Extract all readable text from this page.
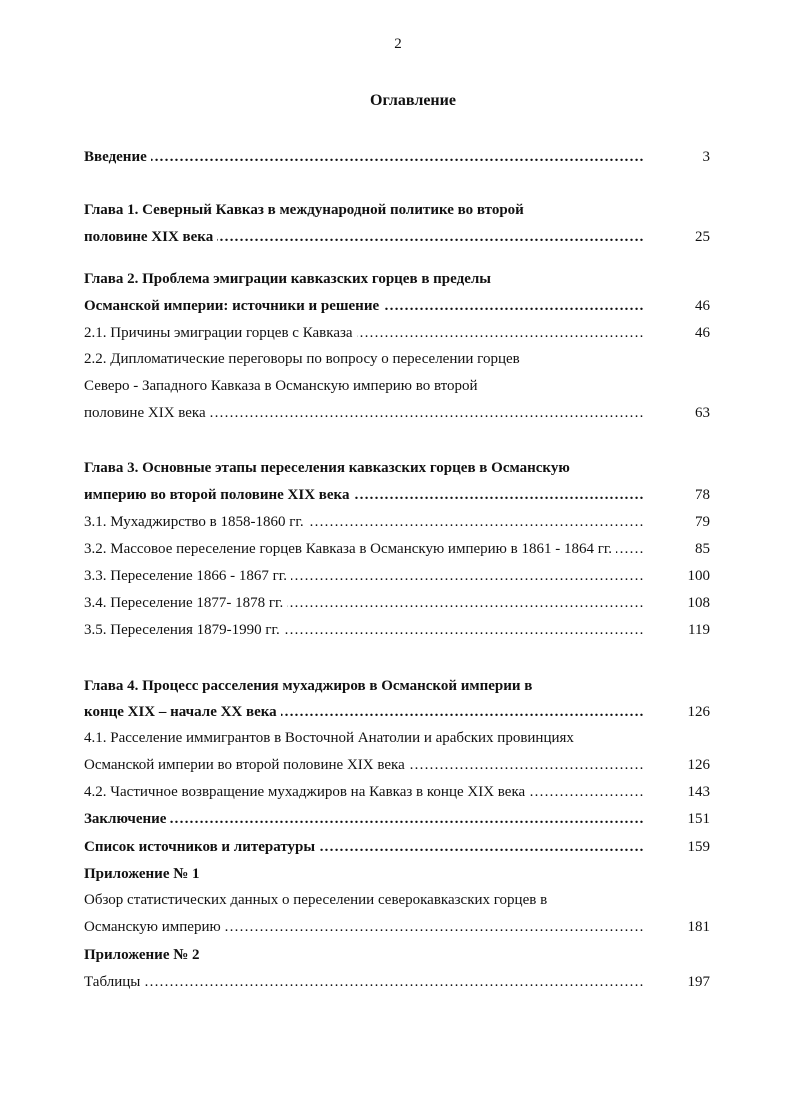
2
Оглавление
3
……………………………………………………………………………………………………………………………………………………………………………
Введение
Глава 1. Северный Кавказ в международной политике во второй
25
……………………………………………………………………………………………………………………………………………………………………………
половине XIX века
Глава 2. Проблема эмиграции кавказских горцев в пределы
46
……………………………………………………………………………………………………………………………………………………………………………
Османской империи: источники и решение
46
……………………………………………………………………………………………………………………………………………………………………………
2.1. Причины эмиграции горцев с Кавказа
2.2. Дипломатические переговоры по вопросу о переселении горцев
Северо - Западного Кавказа в Османскую империю во второй
63
……………………………………………………………………………………………………………………………………………………………………………
половине XIX века
Глава 3. Основные этапы переселения кавказских горцев в Османскую
78
……………………………………………………………………………………………………………………………………………………………………………
империю во второй половине XIX века
79
……………………………………………………………………………………………………………………………………………………………………………
3.1. Мухаджирство в 1858-1860 гг.
85
……………………………………………………………………………………………………………………………………………………………………………
3.2. Массовое переселение горцев Кавказа в Османскую империю в 1861 - 1864 гг.
100
……………………………………………………………………………………………………………………………………………………………………………
3.3. Переселение 1866 - 1867 гг.
108
……………………………………………………………………………………………………………………………………………………………………………
3.4. Переселение 1877- 1878 гг.
119
……………………………………………………………………………………………………………………………………………………………………………
3.5. Переселения 1879-1990 гг.
Глава 4. Процесс расселения мухаджиров в Османской империи в
126
……………………………………………………………………………………………………………………………………………………………………………
конце XIX – начале XX века
4.1. Расселение иммигрантов в Восточной Анатолии и арабских провинциях
126
……………………………………………………………………………………………………………………………………………………………………………
Османской империи во второй половине XIX века
143
……………………………………………………………………………………………………………………………………………………………………………
4.2. Частичное возвращение мухаджиров на Кавказ в конце XIX века
151
……………………………………………………………………………………………………………………………………………………………………………
Заключение
159
……………………………………………………………………………………………………………………………………………………………………………
Список источников и литературы
Приложение № 1
Обзор статистических данных о переселении северокавказских горцев в
181
……………………………………………………………………………………………………………………………………………………………………………
Османскую империю
Приложение № 2
197
……………………………………………………………………………………………………………………………………………………………………………
Таблицы
